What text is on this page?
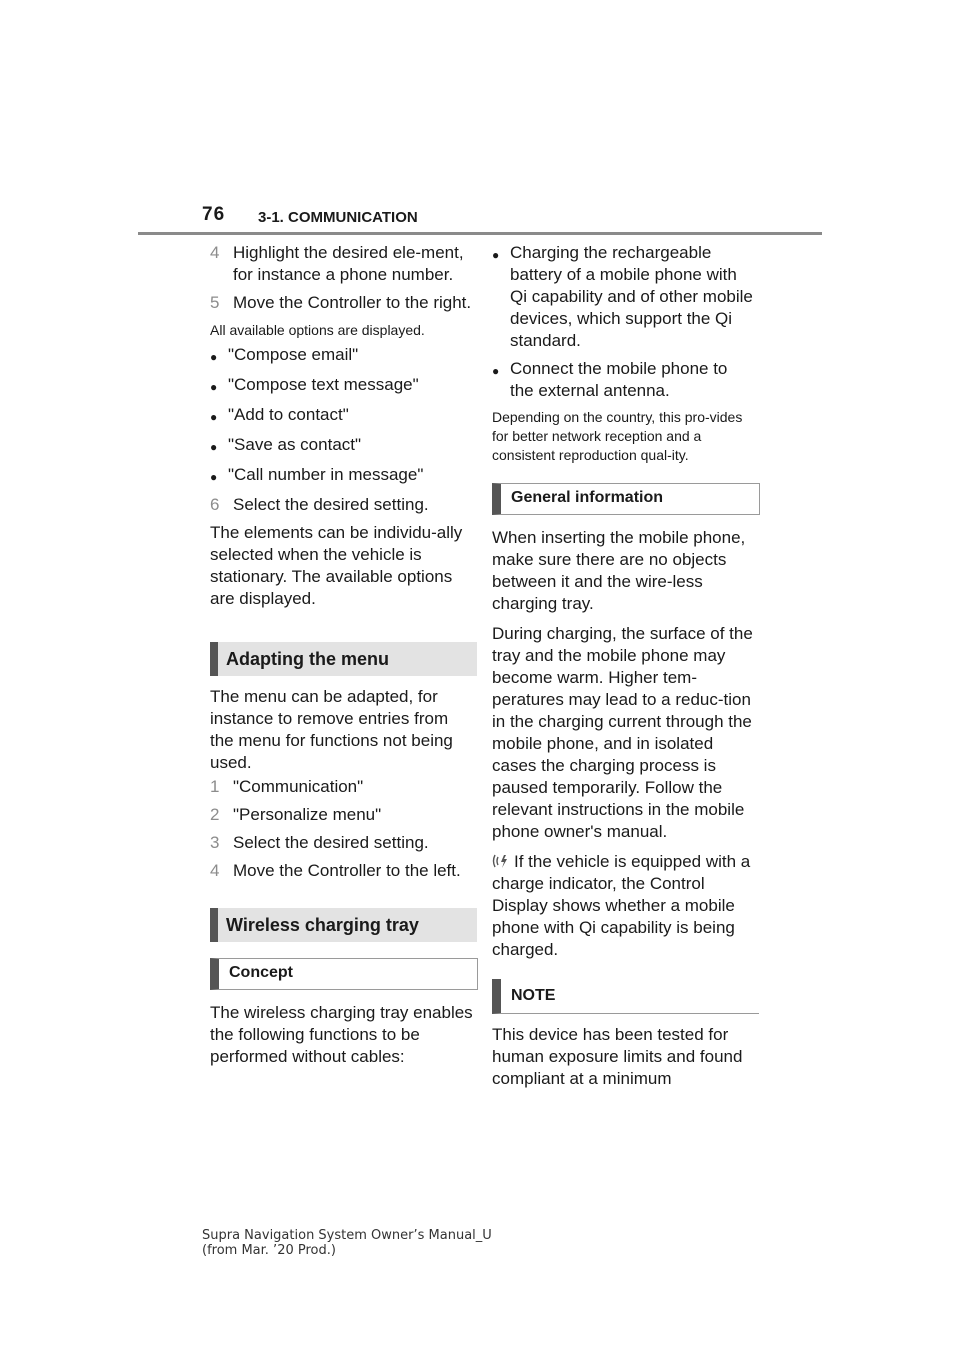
76 3-1. COMMUNICATION
4 Highlight the desired ele-ment, for instance a phone number.
5 Move the Controller to the right.
All available options are displayed.
● "Compose email"
● "Compose text message"
● "Add to contact"
● "Save as contact"
● "Call number in message"
6 Select the desired setting.
The elements can be individu-ally selected when the vehicle is stationary. The available options are displayed.
Adapting the menu
The menu can be adapted, for instance to remove entries from the menu for functions not being used.
1 "Communication"
2 "Personalize menu"
3 Select the desired setting.
4 Move the Controller to the left.
Wireless charging tray
Concept
The wireless charging tray enables the following functions to be performed without cables:
● Charging the rechargeable battery of a mobile phone with Qi capability and of other mobile devices, which support the Qi standard.
● Connect the mobile phone to the external antenna.
Depending on the country, this pro-vides for better network reception and a consistent reproduction qual-ity.
General information
When inserting the mobile phone, make sure there are no objects between it and the wire-less charging tray.
During charging, the surface of the tray and the mobile phone may become warm. Higher tem-peratures may lead to a reduc-tion in the charging current through the mobile phone, and in isolated cases the charging process is paused temporarily. Follow the relevant instructions in the mobile phone owner's manual.
If the vehicle is equipped with a charge indicator, the Control Display shows whether a mobile phone with Qi capability is being charged.
NOTE
This device has been tested for human exposure limits and found compliant at a minimum
Supra Navigation System Owner’s Manual_U
(from Mar. ’20 Prod.)
